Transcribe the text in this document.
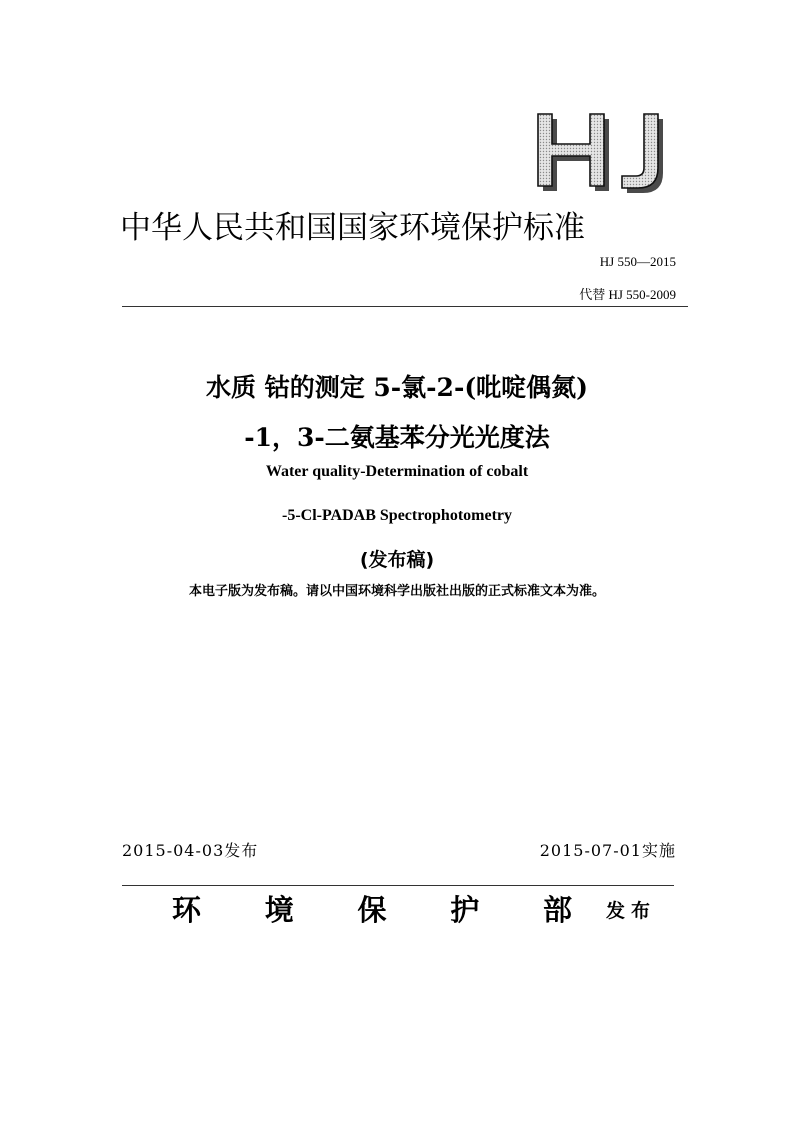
中华人民共和国国家环境保护标准
HJ 550—2015
代替 HJ 550-2009
水质 钴的测定 5-氯-2-(吡啶偶氮)
-1，3-二氨基苯分光光度法
Water quality-Determination of cobalt
-5-Cl-PADAB Spectrophotometry
(发布稿)
本电子版为发布稿。请以中国环境科学出版社出版的正式标准文本为准。
2015-04-03发布	2015-07-01实施
环 境 保 护 部 发布
